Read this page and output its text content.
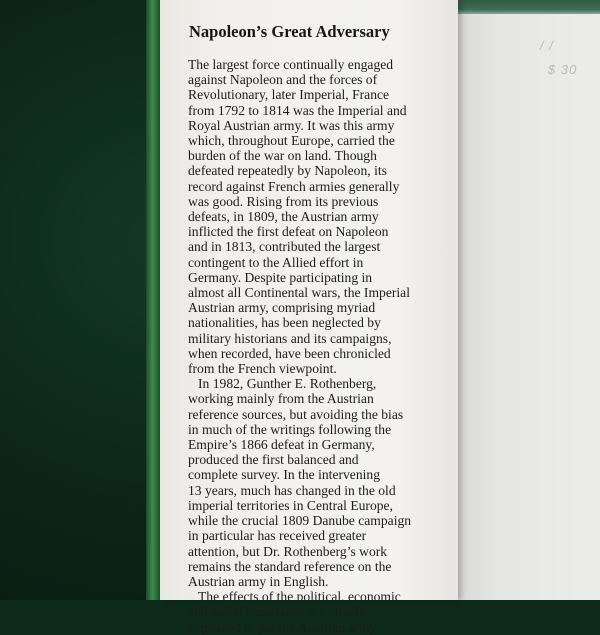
/ /
$ 30
Napoleon’s Great Adversary
The largest force continually engaged
against Napoleon and the forces of
Revolutionary, later Imperial, France
from 1792 to 1814 was the Imperial and
Royal Austrian army. It was this army
which, throughout Europe, carried the
burden of the war on land. Though
defeated repeatedly by Napoleon, its
record against French armies generally
was good. Rising from its previous
defeats, in 1809, the Austrian army
inflicted the first defeat on Napoleon
and in 1813, contributed the largest
contingent to the Allied effort in
Germany. Despite participating in
almost all Continental wars, the Imperial
Austrian army, comprising myriad
nationalities, has been neglected by
military historians and its campaigns,
when recorded, have been chronicled
from the French viewpoint.
In 1982, Gunther E. Rothenberg,
working mainly from the Austrian
reference sources, but avoiding the bias
in much of the writings following the
Empire’s 1866 defeat in Germany,
produced the first balanced and
complete survey. In the intervening
13 years, much has changed in the old
imperial territories in Central Europe,
while the crucial 1809 Danube campaign
in particular has received greater
attention, but Dr. Rothenberg’s work
remains the standard reference on the
Austrian army in English.
The effects of the political, economic
and social constraints are clearly
explained to put the Austrian army
